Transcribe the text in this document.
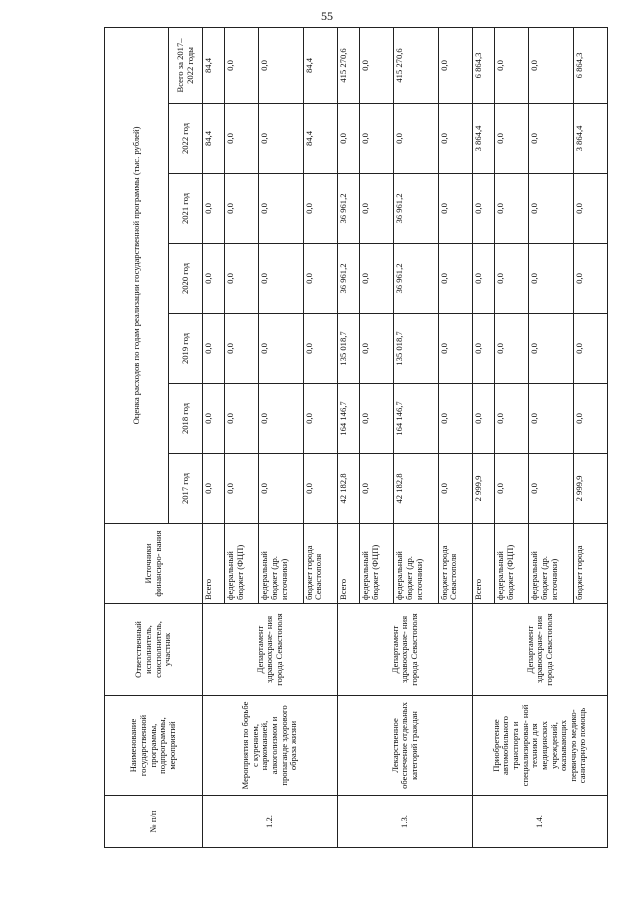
55
№ п/п	Наименование государственной программы, подпрограммы, мероприятий	Ответственный исполнитель, соисполнитель, участник	Источники финансиро- вания	Оценка расходов по годам реализации государственной программы (тыс. рублей)						
				2017 год	2018 год	2019 год	2020 год	2021 год	2022 год	Всего за 2017–2022 годы
1.2.	Мероприятия по борьбе с курением, наркоманией, алкоголизмом и пропаганде здорового образа жизни	Департамент здравоохране- ния города Севастополя	Всего	0,0	0,0	0,0	0,0	0,0	84,4	84,4
			федеральный бюджет (ФЦП)	0,0	0,0	0,0	0,0	0,0	0,0	0,0
			федеральный бюджет (др. источники)	0,0	0,0	0,0	0,0	0,0	0,0	0,0
			бюджет города Севастополя	0,0	0,0	0,0	0,0	0,0	84,4	84,4
1.3.	Лекарственное обеспечение отдельных категорий граждан	Департамент здравоохране- ния города Севастополя	Всего	42 182,8	164 146,7	135 018,7	36 961,2	36 961,2	0,0	415 270,6
			федеральный бюджет (ФЦП)	0,0	0,0	0,0	0,0	0,0	0,0	0,0
			федеральный бюджет (др. источники)	42 182,8	164 146,7	135 018,7	36 961,2	36 961,2	0,0	415 270,6
			бюджет города Севастополя	0,0	0,0	0,0	0,0	0,0	0,0	0,0
1.4.	Приобретение автомобильного транспорта и специализирован- ной техники для медицинских учреждений, оказывающих первичную медико- санитарную помощь	Департамент здравоохране- ния города Севастополя	Всего	2 999,9	0,0	0,0	0,0	0,0	3 864,4	6 864,3
			федеральный бюджет (ФЦП)	0,0	0,0	0,0	0,0	0,0	0,0	0,0
			федеральный бюджет (др. источники)	0,0	0,0	0,0	0,0	0,0	0,0	0,0
			бюджет города	2 999,9	0,0	0,0	0,0	0,0	3 864,4	6 864,3
